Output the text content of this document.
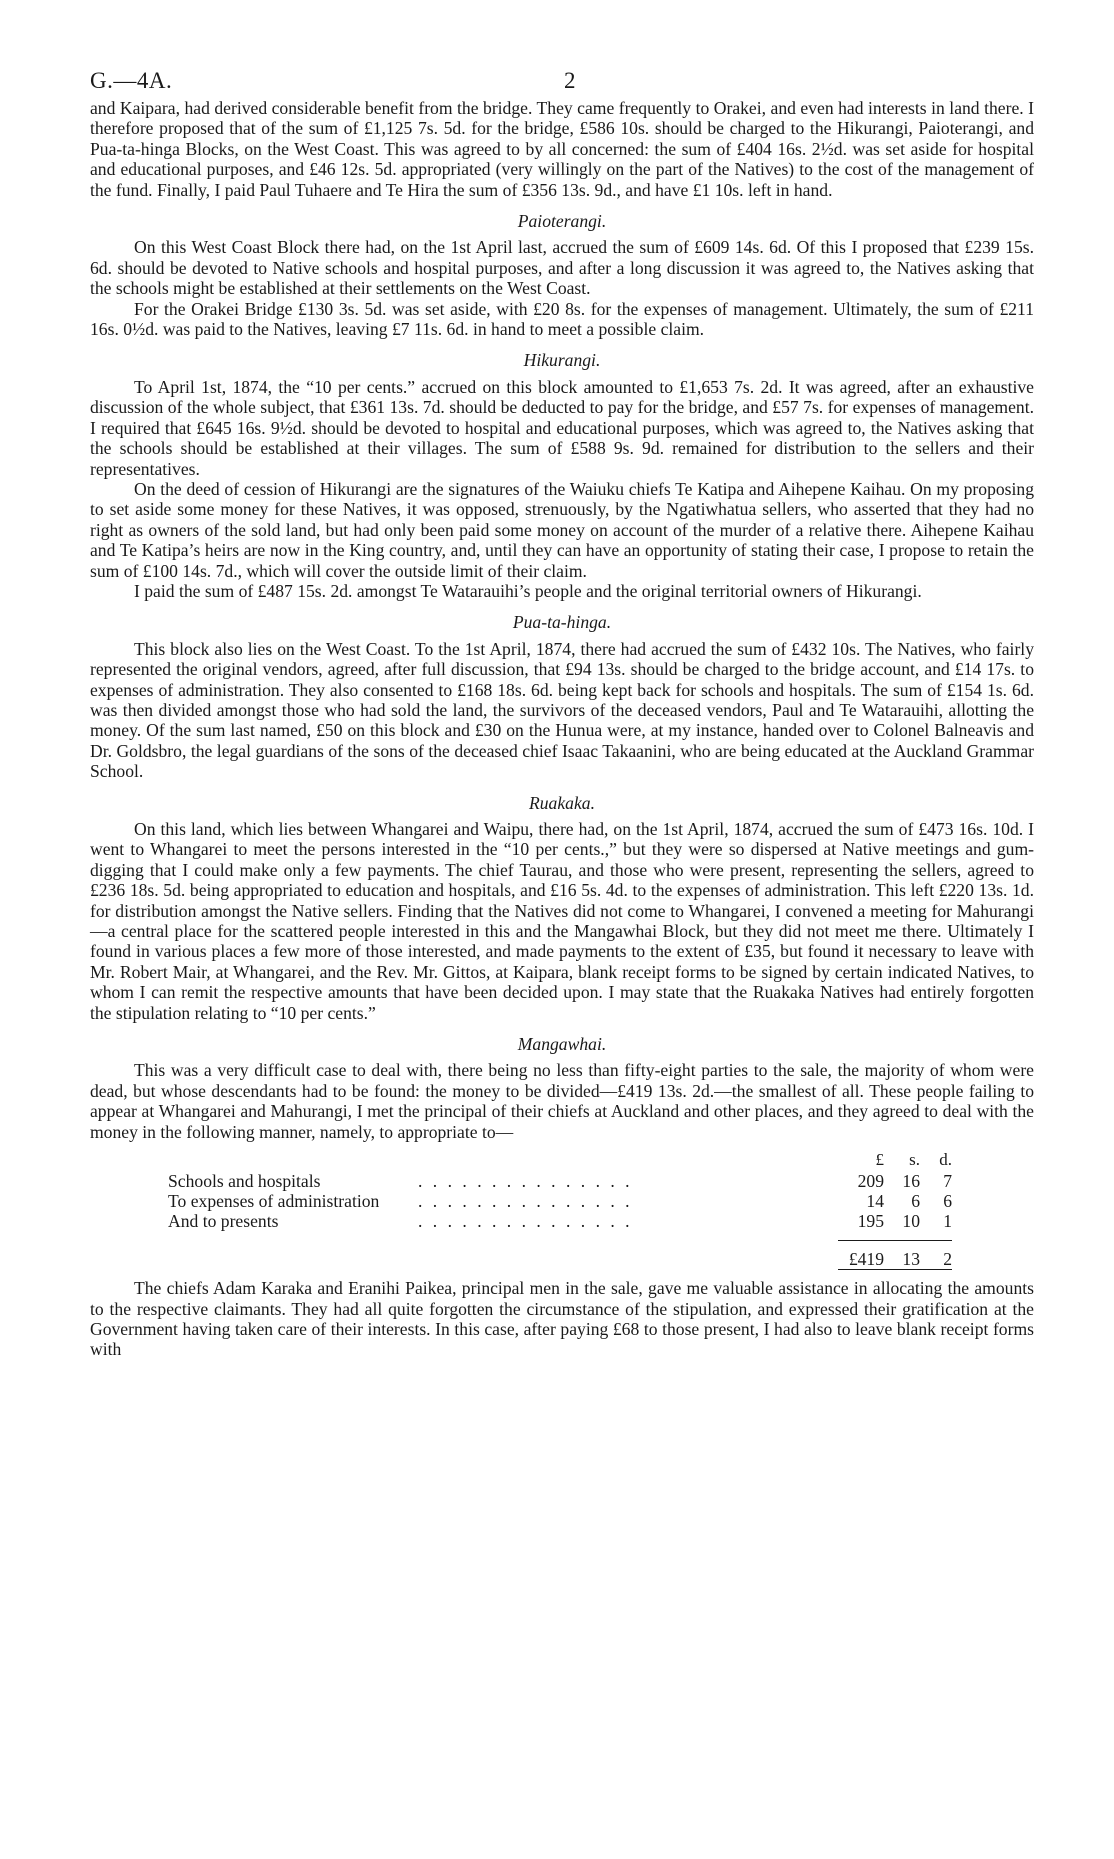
G.—4A.	2

and Kaipara, had derived considerable benefit from the bridge. They came frequently to Orakei, and even had interests in land there. I therefore proposed that of the sum of £1,125 7s. 5d. for the bridge, £586 10s. should be charged to the Hikurangi, Paioterangi, and Pua-ta-hinga Blocks, on the West Coast. This was agreed to by all concerned: the sum of £404 16s. 2½d. was set aside for hospital and educational purposes, and £46 12s. 5d. appropriated (very willingly on the part of the Natives) to the cost of the management of the fund. Finally, I paid Paul Tuhaere and Te Hira the sum of £356 13s. 9d., and have £1 10s. left in hand.

Paioterangi.

On this West Coast Block there had, on the 1st April last, accrued the sum of £609 14s. 6d. Of this I proposed that £239 15s. 6d. should be devoted to Native schools and hospital purposes, and after a long discussion it was agreed to, the Natives asking that the schools might be established at their settlements on the West Coast.

For the Orakei Bridge £130 3s. 5d. was set aside, with £20 8s. for the expenses of management. Ultimately, the sum of £211 16s. 0½d. was paid to the Natives, leaving £7 11s. 6d. in hand to meet a possible claim.

Hikurangi.

To April 1st, 1874, the “10 per cents.” accrued on this block amounted to £1,653 7s. 2d. It was agreed, after an exhaustive discussion of the whole subject, that £361 13s. 7d. should be deducted to pay for the bridge, and £57 7s. for expenses of management. I required that £645 16s. 9½d. should be devoted to hospital and educational purposes, which was agreed to, the Natives asking that the schools should be established at their villages. The sum of £588 9s. 9d. remained for distribution to the sellers and their representatives.

On the deed of cession of Hikurangi are the signatures of the Waiuku chiefs Te Katipa and Aihepene Kaihau. On my proposing to set aside some money for these Natives, it was opposed, strenuously, by the Ngatiwhatua sellers, who asserted that they had no right as owners of the sold land, but had only been paid some money on account of the murder of a relative there. Aihepene Kaihau and Te Katipa’s heirs are now in the King country, and, until they can have an opportunity of stating their case, I propose to retain the sum of £100 14s. 7d., which will cover the outside limit of their claim.

I paid the sum of £487 15s. 2d. amongst Te Watarauihi’s people and the original territorial owners of Hikurangi.

Pua-ta-hinga.

This block also lies on the West Coast. To the 1st April, 1874, there had accrued the sum of £432 10s. The Natives, who fairly represented the original vendors, agreed, after full discussion, that £94 13s. should be charged to the bridge account, and £14 17s. to expenses of administration. They also consented to £168 18s. 6d. being kept back for schools and hospitals. The sum of £154 1s. 6d. was then divided amongst those who had sold the land, the survivors of the deceased vendors, Paul and Te Watarauihi, allotting the money. Of the sum last named, £50 on this block and £30 on the Hunua were, at my instance, handed over to Colonel Balneavis and Dr. Goldsbro, the legal guardians of the sons of the deceased chief Isaac Takaanini, who are being educated at the Auckland Grammar School.

Ruakaka.

On this land, which lies between Whangarei and Waipu, there had, on the 1st April, 1874, accrued the sum of £473 16s. 10d. I went to Whangarei to meet the persons interested in the “10 per cents.,” but they were so dispersed at Native meetings and gum-digging that I could make only a few payments. The chief Taurau, and those who were present, representing the sellers, agreed to £236 18s. 5d. being appropriated to education and hospitals, and £16 5s. 4d. to the expenses of administration. This left £220 13s. 1d. for distribution amongst the Native sellers. Finding that the Natives did not come to Whangarei, I convened a meeting for Mahurangi—a central place for the scattered people interested in this and the Mangawhai Block, but they did not meet me there. Ultimately I found in various places a few more of those interested, and made payments to the extent of £35, but found it necessary to leave with Mr. Robert Mair, at Whangarei, and the Rev. Mr. Gittos, at Kaipara, blank receipt forms to be signed by certain indicated Natives, to whom I can remit the respective amounts that have been decided upon. I may state that the Ruakaka Natives had entirely forgotten the stipulation relating to “10 per cents.”

Mangawhai.

This was a very difficult case to deal with, there being no less than fifty-eight parties to the sale, the majority of whom were dead, but whose descendants had to be found: the money to be divided—£419 13s. 2d.—the smallest of all. These people failing to appear at Whangarei and Mahurangi, I met the principal of their chiefs at Auckland and other places, and they agreed to deal with the money in the following manner, namely, to appropriate to—

		£	s.	d.
Schools and hospitals	. . . . . . . . . . . . . . .	209	16	7
To expenses of administration	. . . . . . . . . . . . . . .	14	6	6
And to presents	. . . . . . . . . . . . . . .	195	10	1

		£419	13	2

The chiefs Adam Karaka and Eranihi Paikea, principal men in the sale, gave me valuable assistance in allocating the amounts to the respective claimants. They had all quite forgotten the circumstance of the stipulation, and expressed their gratification at the Government having taken care of their interests. In this case, after paying £68 to those present, I had also to leave blank receipt forms with
